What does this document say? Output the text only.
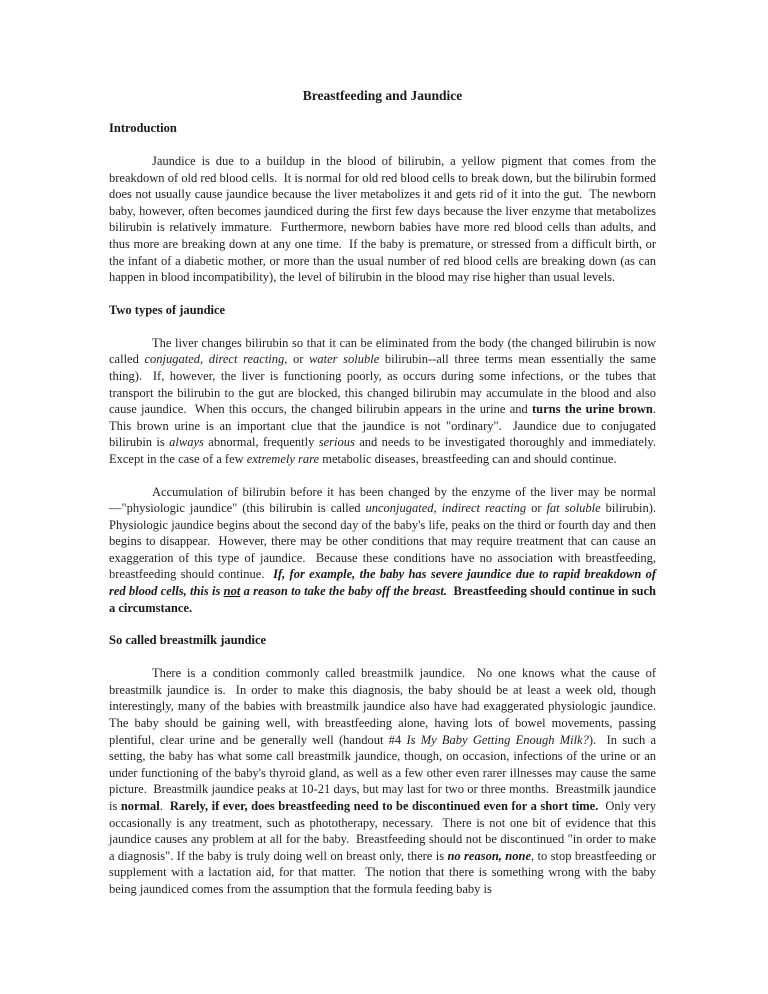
Breastfeeding and Jaundice
Introduction

Jaundice is due to a buildup in the blood of bilirubin, a yellow pigment that comes from the breakdown of old red blood cells.  It is normal for old red blood cells to break down, but the bilirubin formed does not usually cause jaundice because the liver metabolizes it and gets rid of it into the gut.  The newborn baby, however, often becomes jaundiced during the first few days because the liver enzyme that metabolizes bilirubin is relatively immature.  Furthermore, newborn babies have more red blood cells than adults, and thus more are breaking down at any one time.  If the baby is premature, or stressed from a difficult birth, or the infant of a diabetic mother, or more than the usual number of red blood cells are breaking down (as can happen in blood incompatibility), the level of bilirubin in the blood may rise higher than usual levels.

Two types of jaundice

The liver changes bilirubin so that it can be eliminated from the body (the changed bilirubin is now called conjugated, direct reacting, or water soluble bilirubin--all three terms mean essentially the same thing).  If, however, the liver is functioning poorly, as occurs during some infections, or the tubes that transport the bilirubin to the gut are blocked, this changed bilirubin may accumulate in the blood and also cause jaundice.  When this occurs, the changed bilirubin appears in the urine and turns the urine brown.  This brown urine is an important clue that the jaundice is not "ordinary".  Jaundice due to conjugated bilirubin is always abnormal, frequently serious and needs to be investigated thoroughly and immediately.  Except in the case of a few extremely rare metabolic diseases, breastfeeding can and should continue.

Accumulation of bilirubin before it has been changed by the enzyme of the liver may be normal—"physiologic jaundice" (this bilirubin is called unconjugated, indirect reacting or fat soluble bilirubin).  Physiologic jaundice begins about the second day of the baby's life, peaks on the third or fourth day and then begins to disappear.  However, there may be other conditions that may require treatment that can cause an exaggeration of this type of jaundice.  Because these conditions have no association with breastfeeding, breastfeeding should continue.  If, for example, the baby has severe jaundice due to rapid breakdown of red blood cells, this is not a reason to take the baby off the breast. Breastfeeding should continue in such a circumstance.

So called breastmilk jaundice

There is a condition commonly called breastmilk jaundice.  No one knows what the cause of breastmilk jaundice is.  In order to make this diagnosis, the baby should be at least a week old, though interestingly, many of the babies with breastmilk jaundice also have had exaggerated physiologic jaundice.  The baby should be gaining well, with breastfeeding alone, having lots of bowel movements, passing plentiful, clear urine and be generally well (handout #4 Is My Baby Getting Enough Milk?).  In such a setting, the baby has what some call breastmilk jaundice, though, on occasion, infections of the urine or an under functioning of the baby's thyroid gland, as well as a few other even rarer illnesses may cause the same picture.  Breastmilk jaundice peaks at 10-21 days, but may last for two or three months.  Breastmilk jaundice is normal.  Rarely, if ever, does breastfeeding need to be discontinued even for a short time.  Only very occasionally is any treatment, such as phototherapy, necessary.  There is not one bit of evidence that this jaundice causes any problem at all for the baby.  Breastfeeding should not be discontinued "in order to make a diagnosis". If the baby is truly doing well on breast only, there is no reason, none, to stop breastfeeding or supplement with a lactation aid, for that matter.  The notion that there is something wrong with the baby being jaundiced comes from the assumption that the formula feeding baby is
